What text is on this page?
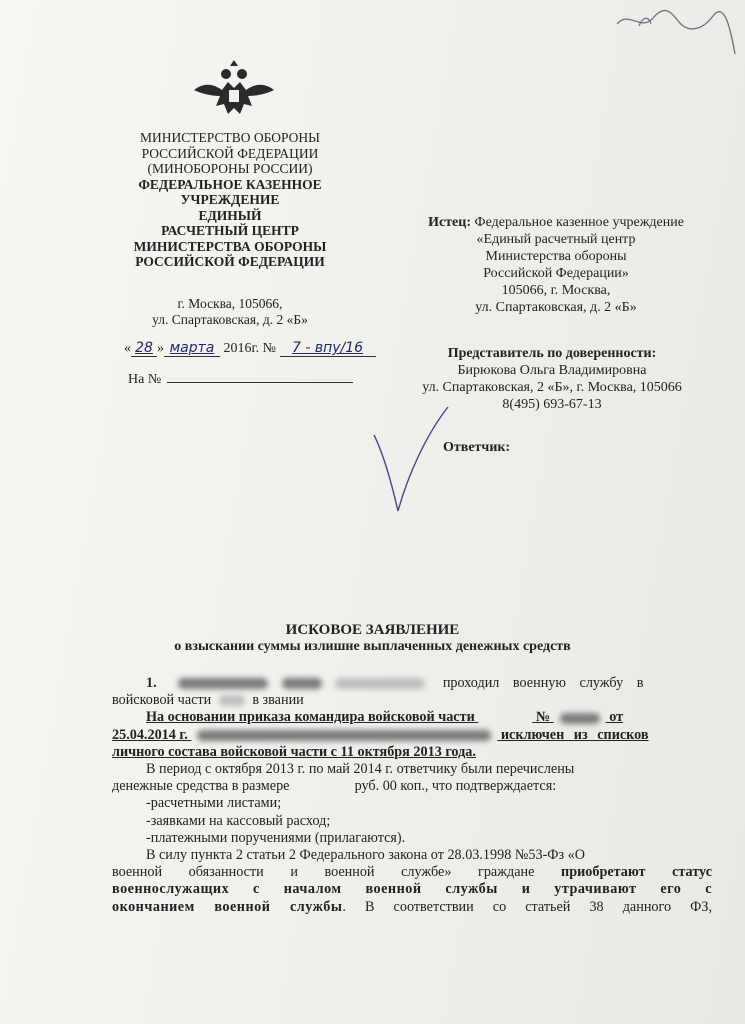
МИНИСТЕРСТВО ОБОРОНЫ
РОССИЙСКОЙ ФЕДЕРАЦИИ
(МИНОБОРОНЫ РОССИИ)
ФЕДЕРАЛЬНОЕ КАЗЕННОЕ
УЧРЕЖДЕНИЕ
ЕДИНЫЙ
РАСЧЕТНЫЙ ЦЕНТР
МИНИСТЕРСТВА ОБОРОНЫ
РОССИЙСКОЙ ФЕДЕРАЦИИ
г. Москва, 105066,
ул. Спартаковская, д. 2 «Б»
« 28 » марта 2016г. № 7 - впу/16
На №
Истец: Федеральное казенное учреждение
«Единый расчетный центр
Министерства обороны
Российской Федерации»
105066, г. Москва,
ул. Спартаковская, д. 2 «Б»
Представитель по доверенности:
Бирюкова Ольга Владимировна
ул. Спартаковская, 2 «Б», г. Москва, 105066
8(495) 693-67-13
Ответчик:
ИСКОВОЕ ЗАЯВЛЕНИЕ
о взыскании суммы излишне выплаченных денежных средств

1.	проходил военную службу в

войсковой части	в звании

На основании приказа командира войсковой части	№	от

25.04.2014 г.	исключен из списков

личного состава войсковой части с 11 октября 2013 года.

В период с октября 2013 г. по май 2014 г. ответчику были перечислены

денежные средства в размере	руб. 00 коп., что подтверждается:

-расчетными листами;

-заявками на кассовый расход;

-платежными поручениями (прилагаются).

В силу пункта 2 статьи 2 Федерального закона от 28.03.1998 №53-Фз «О

военной обязанности и военной службе» граждане приобретают статус

военнослужащих с началом военной службы и утрачивают его с

окончанием военной службы. В соответствии со статьей 38 данного ФЗ,
